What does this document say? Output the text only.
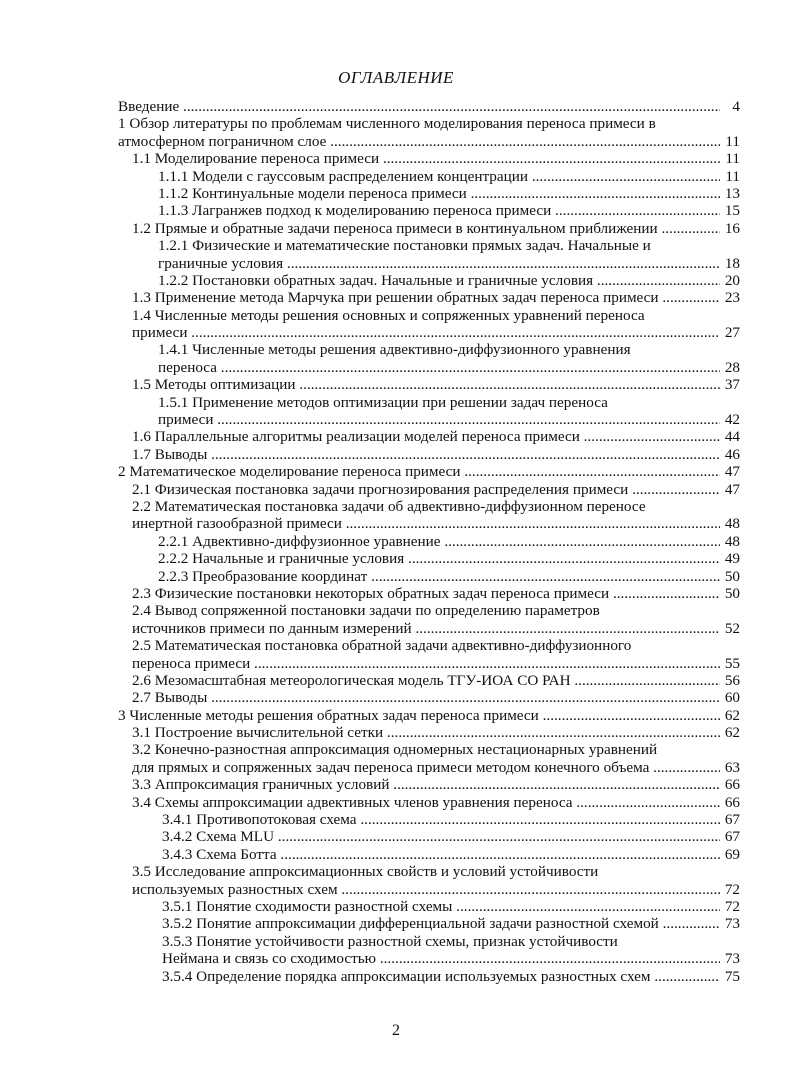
ОГЛАВЛЕНИЕ
Введение .....	4
1 Обзор литературы по проблемам численного моделирования переноса примеси в
атмосферном пограничном слое .....	11
1.1 Моделирование переноса примеси .....	11
1.1.1 Модели с гауссовым распределением концентрации .....	11
1.1.2 Континуальные модели переноса примеси .....	13
1.1.3 Лагранжев подход к моделированию переноса примеси .....	15
1.2 Прямые и обратные задачи переноса примеси в континуальном приближении .....	16
1.2.1 Физические и математические постановки прямых задач. Начальные и
граничные условия .....	18
1.2.2 Постановки обратных задач. Начальные и граничные условия .....	20
1.3 Применение метода Марчука при решении обратных задач переноса примеси .....	23
1.4 Численные методы решения основных и сопряженных уравнений переноса
примеси .....	27
1.4.1 Численные методы решения адвективно-диффузионного уравнения
переноса .....	28
1.5 Методы оптимизации .....	37
1.5.1 Применение методов оптимизации при решении задач переноса
примеси .....	42
1.6 Параллельные алгоритмы реализации моделей переноса примеси .....	44
1.7 Выводы .....	46
2 Математическое моделирование переноса примеси .....	47
2.1 Физическая постановка задачи прогнозирования распределения примеси .....	47
2.2 Математическая постановка задачи об адвективно-диффузионном переносе
инертной газообразной примеси .....	48
2.2.1 Адвективно-диффузионное уравнение .....	48
2.2.2 Начальные и граничные условия .....	49
2.2.3 Преобразование координат .....	50
2.3 Физические постановки некоторых обратных задач переноса примеси .....	50
2.4 Вывод сопряженной постановки задачи по определению параметров
источников примеси по данным измерений .....	52
2.5 Математическая постановка обратной задачи адвективно-диффузионного
переноса примеси .....	55
2.6 Мезомасштабная метеорологическая модель ТГУ-ИОА СО РАН .....	56
2.7 Выводы .....	60
3 Численные методы решения обратных задач переноса примеси .....	62
3.1 Построение вычислительной сетки .....	62
3.2 Конечно-разностная аппроксимация одномерных нестационарных уравнений
для прямых и сопряженных задач переноса примеси методом конечного объема .....	63
3.3 Аппроксимация граничных условий .....	66
3.4 Схемы аппроксимации адвективных членов уравнения переноса .....	66
3.4.1 Противопотоковая схема .....	67
3.4.2 Схема MLU .....	67
3.4.3 Схема Ботта .....	69
3.5 Исследование аппроксимационных свойств и условий устойчивости
используемых разностных схем .....	72
3.5.1 Понятие сходимости разностной схемы .....	72
3.5.2 Понятие аппроксимации дифференциальной задачи разностной схемой .....	73
3.5.3 Понятие устойчивости разностной схемы, признак устойчивости
Неймана и связь со сходимостью .....	73
3.5.4 Определение порядка аппроксимации используемых разностных схем .....	75
2
